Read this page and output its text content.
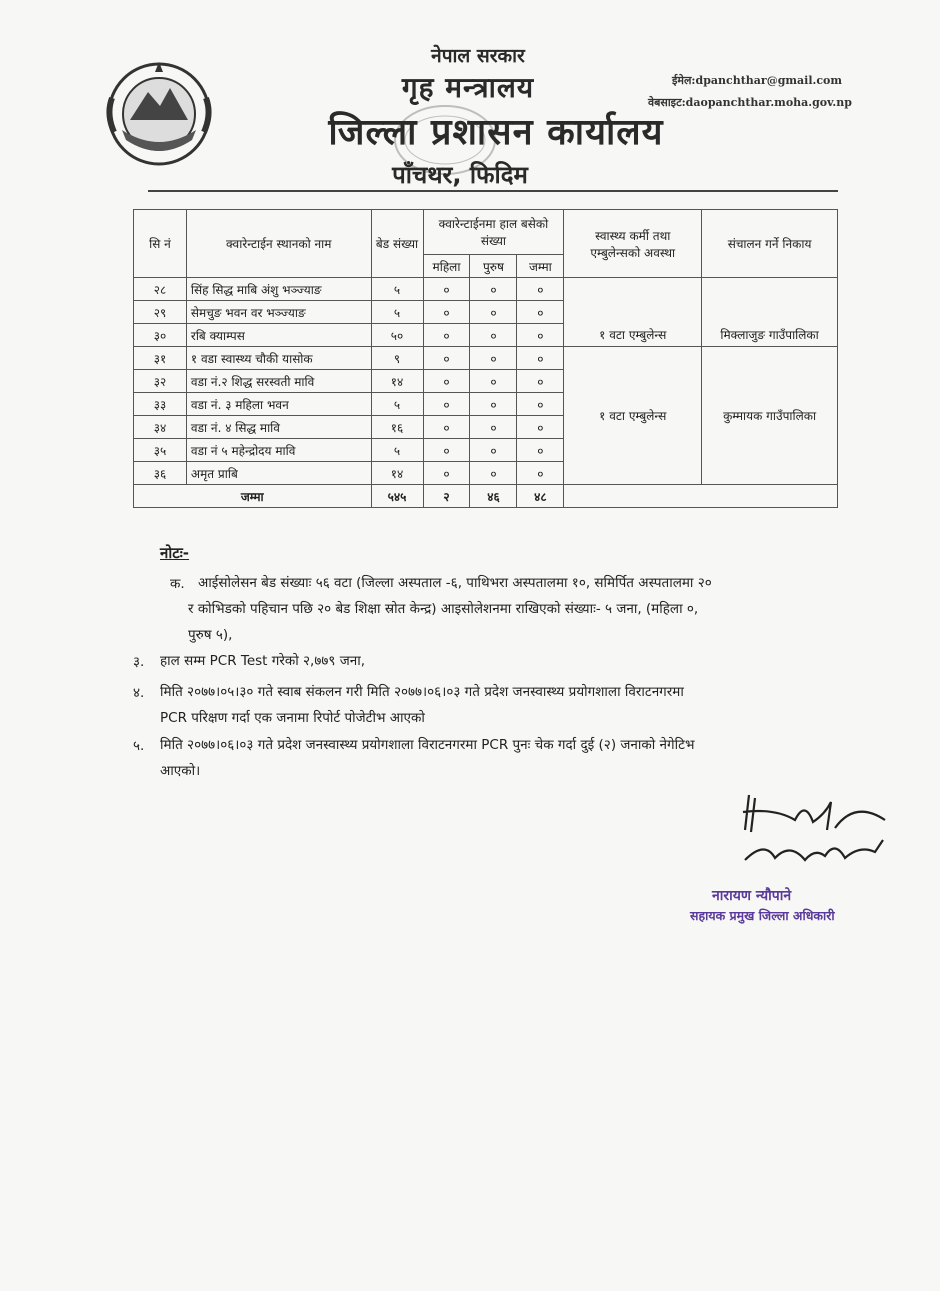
नेपाल सरकार
गृह मन्त्रालय
जिल्ला प्रशासन कार्यालय
पाँचथर, फिदिम
ईमेल:dpanchthar@gmail.com
वेबसाइट:daopanchthar.moha.gov.np
सि नं	क्वारेन्टाईन स्थानको नाम	बेड संख्या	क्वारेन्टाईनमा हाल बसेको संख्या			स्वास्थ्य कर्मी तथा एम्बुलेन्सको अवस्था	संचालन गर्ने निकाय
			महिला	पुरुष	जम्मा		
२८	सिंह सिद्ध माबि अंशु भञ्ज्याङ	५	०	०	०		
२९	सेमचुङ भवन वर भञ्ज्याङ	५	०	०	०		
३०	रबि क्याम्पस	५०	०	०	०	१ वटा एम्बुलेन्स	मिक्लाजुङ गाउँपालिका
३१	१ वडा स्वास्थ्य चौकी यासोक	९	०	०	०	१ वटा एम्बुलेन्स	कुम्मायक गाउँपालिका
३२	वडा नं.२ शिद्ध सरस्वती मावि	१४	०	०	०		
३३	वडा नं. ३ महिला भवन	५	०	०	०		
३४	वडा नं. ४ सिद्ध मावि	१६	०	०	०		
३५	वडा नं ५ महेन्द्रोदय मावि	५	०	०	०		
३६	अमृत प्राबि	१४	०	०	०		
जम्मा		५४५	२	४६	४८		
नोटः-
क. आईसोलेसन बेड संख्याः ५६ वटा (जिल्ला अस्पताल -६, पाथिभरा अस्पतालमा १०, समिर्पित अस्पतालमा २०
र कोभिडको पहिचान पछि २० बेड शिक्षा स्रोत केन्द्र) आइसोलेशनमा राखिएको संख्याः- ५ जना, (महिला ०,
पुरुष ५),
३. हाल सम्म PCR Test गरेको २,७७९ जना,
४. मिति २०७७।०५।३० गते स्वाब संकलन गरी मिति २०७७।०६।०३ गते प्रदेश जनस्वास्थ्य प्रयोगशाला विराटनगरमा
PCR परिक्षण गर्दा एक जनामा रिपोर्ट पोजेटीभ आएको
५. मिति २०७७।०६।०३ गते प्रदेश जनस्वास्थ्य प्रयोगशाला विराटनगरमा PCR पुनः चेक गर्दा दुई (२) जनाको नेगेटिभ
आएको।
नारायण न्यौपाने
सहायक प्रमुख जिल्ला अधिकारी
